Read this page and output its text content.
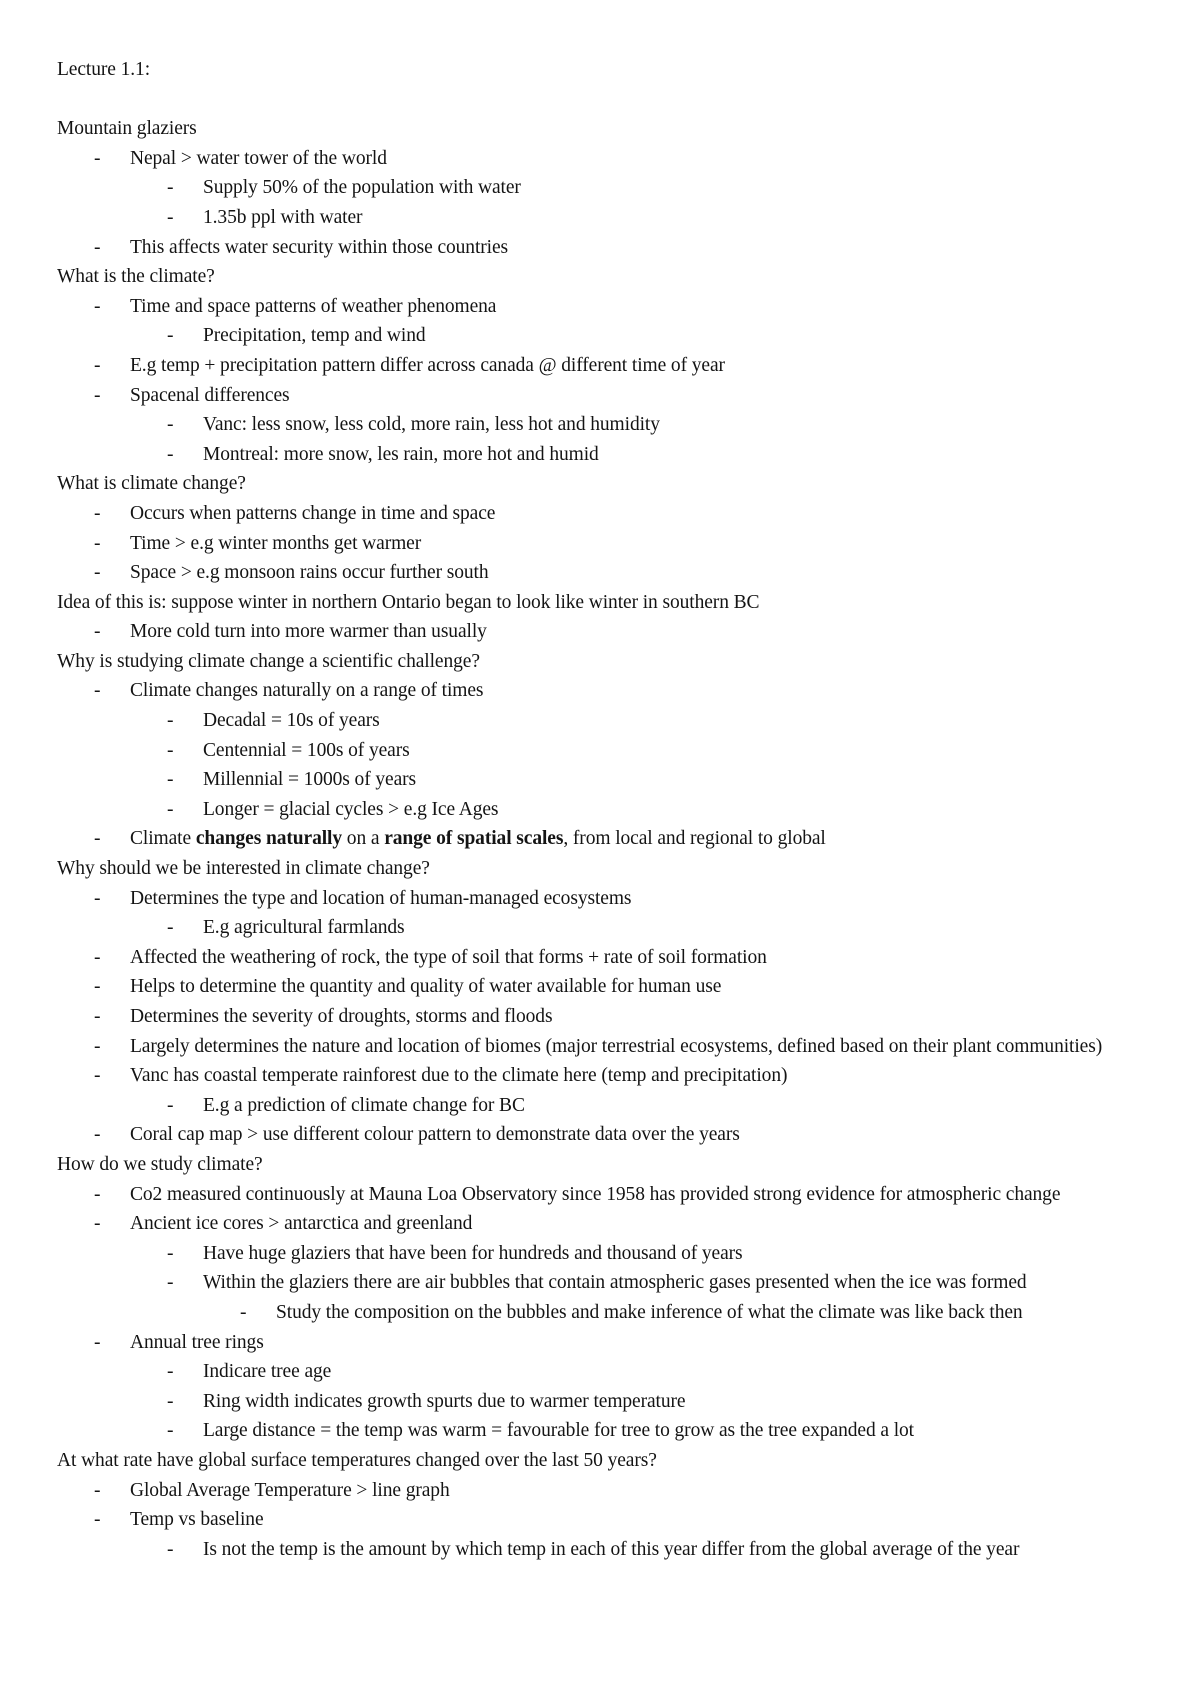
Lecture 1.1:
Mountain glaziers
- Nepal > water tower of the world
- Supply 50% of the population with water
- 1.35b ppl with water
- This affects water security within those countries
What is the climate?
- Time and space patterns of weather phenomena
- Precipitation, temp and wind
- E.g temp + precipitation pattern differ across canada @ different time of year
- Spacenal differences
- Vanc: less snow, less cold, more rain, less hot and humidity
- Montreal: more snow, les rain, more hot and humid
What is climate change?
- Occurs when patterns change in time and space
- Time > e.g winter months get warmer
- Space > e.g monsoon rains occur further south
Idea of this is: suppose winter in northern Ontario began to look like winter in southern BC
- More cold turn into more warmer than usually
Why is studying climate change a scientific challenge?
- Climate changes naturally on a range of times
- Decadal = 10s of years
- Centennial = 100s of years
- Millennial = 1000s of years
- Longer = glacial cycles > e.g Ice Ages
- Climate changes naturally on a range of spatial scales, from local and regional to global
Why should we be interested in climate change?
- Determines the type and location of human-managed ecosystems
- E.g agricultural farmlands
- Affected the weathering of rock, the type of soil that forms + rate of soil formation
- Helps to determine the quantity and quality of water available for human use
- Determines the severity of droughts, storms and floods
- Largely determines the nature and location of biomes (major terrestrial ecosystems, defined based on their plant communities)
- Vanc has coastal temperate rainforest due to the climate here (temp and precipitation)
- E.g a prediction of climate change for BC
- Coral cap map > use different colour pattern to demonstrate data over the years
How do we study climate?
- Co2 measured continuously at Mauna Loa Observatory since 1958 has provided strong evidence for atmospheric change
- Ancient ice cores > antarctica and greenland
- Have huge glaziers that have been for hundreds and thousand of years
- Within the glaziers there are air bubbles that contain atmospheric gases presented when the ice was formed
- Study the composition on the bubbles and make inference of what the climate was like back then
- Annual tree rings
- Indicare tree age
- Ring width indicates growth spurts due to warmer temperature
- Large distance = the temp was warm = favourable for tree to grow as the tree expanded a lot
At what rate have global surface temperatures changed over the last 50 years?
- Global Average Temperature > line graph
- Temp vs baseline
- Is not the temp is the amount by which temp in each of this year differ from the global average of the year
